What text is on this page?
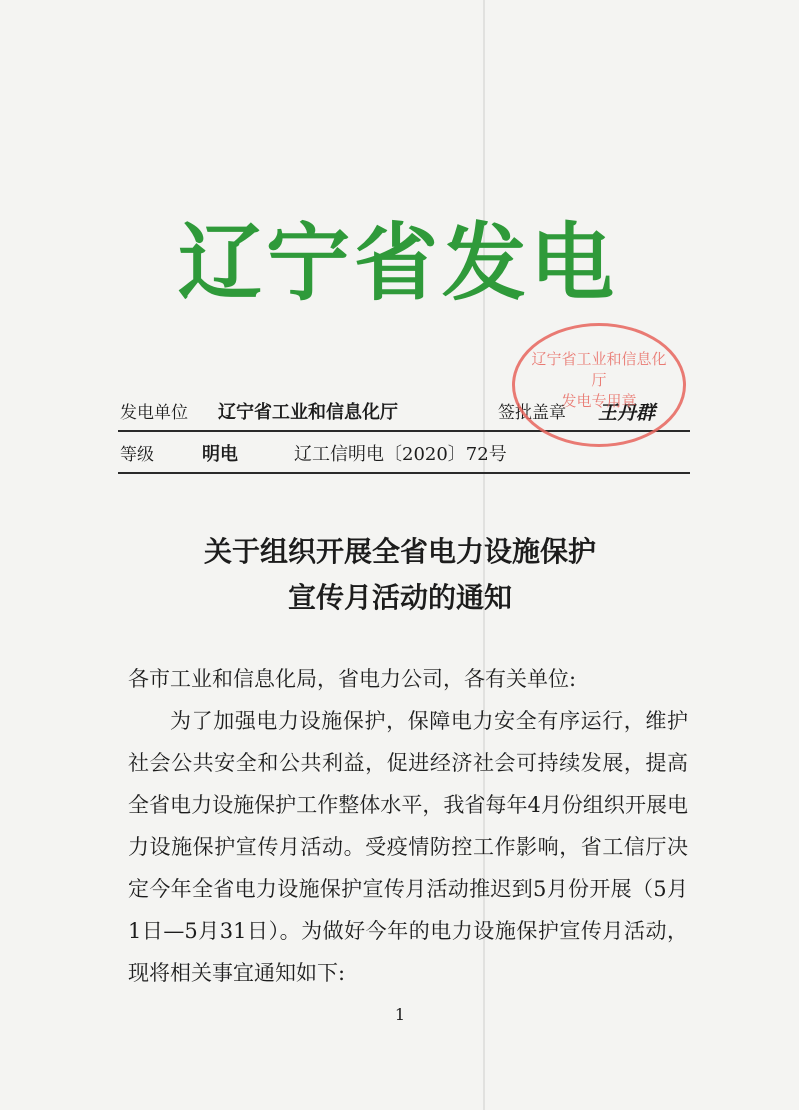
辽宁省发电
发电单位 辽宁省工业和信息化厅	签批盖章 王丹群
等级	明电	辽工信明电〔2020〕72号
辽宁省工业和信息化厅
发电专用章
关于组织开展全省电力设施保护
宣传月活动的通知
各市工业和信息化局，省电力公司，各有关单位:
为了加强电力设施保护，保障电力安全有序运行，维护社会公共安全和公共利益，促进经济社会可持续发展，提高全省电力设施保护工作整体水平，我省每年4月份组织开展电力设施保护宣传月活动。受疫情防控工作影响，省工信厅决定今年全省电力设施保护宣传月活动推迟到5月份开展（5月1日—5月31日）。为做好今年的电力设施保护宣传月活动，现将相关事宜通知如下:
1
